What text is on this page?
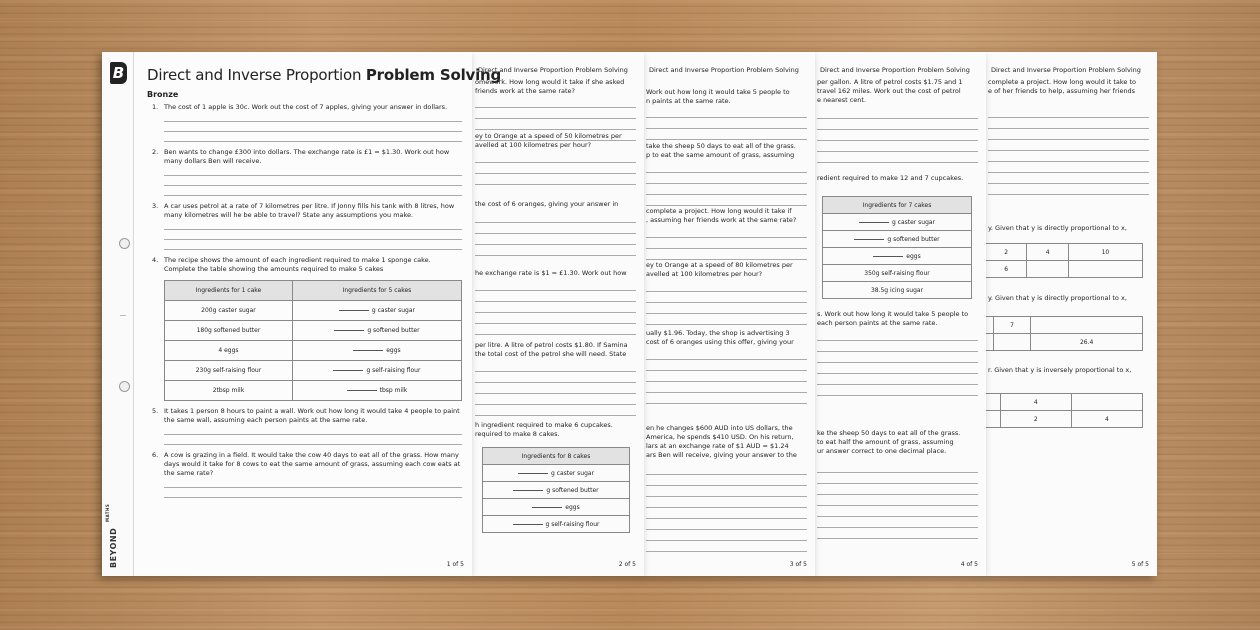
Direct and Inverse Proportion Problem Solving
complete a project. How long would it take to
e of her friends to help, assuming her friends
y. Given that y is directly proportional to x,
2	4	10
6		
y. Given that y is directly proportional to x,
	7	
		26.4
r. Given that y is inversely proportional to x,
	4	
	2	4
5 of 5
Direct and Inverse Proportion Problem Solving
per gallon. A litre of petrol costs $1.75 and 1
travel 162 miles. Work out the cost of petrol
e nearest cent.
redient required to make 12 and 7 cupcakes.
Ingredients for 7 cakes
g caster sugar
g softened butter
eggs
350g self-raising flour
38.5g icing sugar
s. Work out how long it would take 5 people to
each person paints at the same rate.
ke the sheep 50 days to eat all of the grass.
to eat half the amount of grass, assuming
ur answer correct to one decimal place.
4 of 5
Direct and Inverse Proportion Problem Solving
Work out how long it would take 5 people to
n paints at the same rate.
take the sheep 50 days to eat all of the grass.
p to eat the same amount of grass, assuming
complete a project. How long would it take if
, assuming her friends work at the same rate?
ey to Orange at a speed of 80 kilometres per
avelled at 100 kilometres per hour?
ually $1.96. Today, the shop is advertising 3
cost of 6 oranges using this offer, giving your
en he changes $600 AUD into US dollars, the
America, he spends $410 USD. On his return,
lars at an exchange rate of $1 AUD = $1.24
ars Ben will receive, giving your answer to the
3 of 5
Direct and Inverse Proportion Problem Solving
omework. How long would it take if she asked
friends work at the same rate?
ey to Orange at a speed of 50 kilometres per
avelled at 100 kilometres per hour?
the cost of 6 oranges, giving your answer in
he exchange rate is $1 = £1.30. Work out how
per litre. A litre of petrol costs $1.80. If Samina
the total cost of the petrol she will need. State
h ingredient required to make 6 cupcakes.
required to make 8 cakes.
Ingredients for 8 cakes
g caster sugar
g softened butter
eggs
g self-raising flour
2 of 5
B
BEYOND
MATHS
Direct and Inverse Proportion Problem Solving
Bronze
1. The cost of 1 apple is 30c. Work out the cost of 7 apples, giving your answer in dollars.
2. Ben wants to change £300 into dollars. The exchange rate is £1 = $1.30. Work out how many dollars Ben will receive.
3. A car uses petrol at a rate of 7 kilometres per litre. If Jonny fills his tank with 8 litres, how many kilometres will he be able to travel? State any assumptions you make.
4. The recipe shows the amount of each ingredient required to make 1 sponge cake. Complete the table showing the amounts required to make 5 cakes
Ingredients for 1 cake	Ingredients for 5 cakes
200g caster sugar	g caster sugar
180g softened butter	g softened butter
4 eggs	eggs
230g self-raising flour	g self-raising flour
2tbsp milk	tbsp milk
5. It takes 1 person 8 hours to paint a wall. Work out how long it would take 4 people to paint the same wall, assuming each person paints at the same rate.
6. A cow is grazing in a field. It would take the cow 40 days to eat all of the grass. How many days would it take for 8 cows to eat the same amount of grass, assuming each cow eats at the same rate?
1 of 5
